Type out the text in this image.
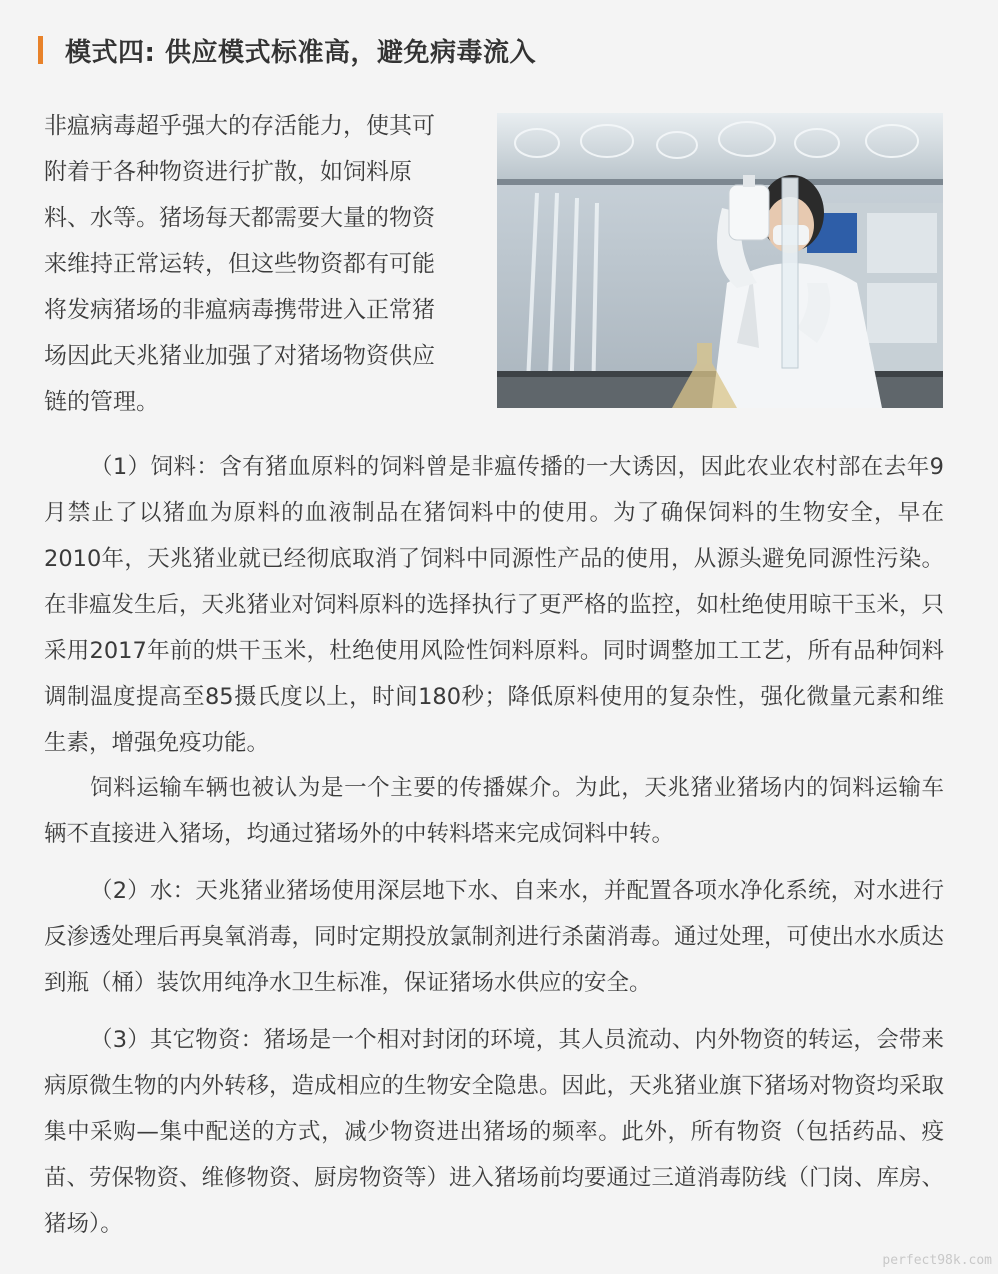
模式四: 供应模式标准高，避免病毒流入

非瘟病毒超乎强大的存活能力，使其可附着于各种物资进行扩散，如饲料原料、水等。猪场每天都需要大量的物资来维持正常运转，但这些物资都有可能将发病猪场的非瘟病毒携带进入正常猪场因此天兆猪业加强了对猪场物资供应链的管理。

（1）饲料：含有猪血原料的饲料曾是非瘟传播的一大诱因，因此农业农村部在去年9月禁止了以猪血为原料的血液制品在猪饲料中的使用。为了确保饲料的生物安全，早在2010年，天兆猪业就已经彻底取消了饲料中同源性产品的使用，从源头避免同源性污染。在非瘟发生后，天兆猪业对饲料原料的选择执行了更严格的监控，如杜绝使用晾干玉米，只采用2017年前的烘干玉米，杜绝使用风险性饲料原料。同时调整加工工艺，所有品种饲料调制温度提高至85摄氏度以上，时间180秒；降低原料使用的复杂性，强化微量元素和维生素，增强免疫功能。

饲料运输车辆也被认为是一个主要的传播媒介。为此，天兆猪业猪场内的饲料运输车辆不直接进入猪场，均通过猪场外的中转料塔来完成饲料中转。

（2）水：天兆猪业猪场使用深层地下水、自来水，并配置各项水净化系统，对水进行反渗透处理后再臭氧消毒，同时定期投放氯制剂进行杀菌消毒。通过处理，可使出水水质达到瓶（桶）装饮用纯净水卫生标准，保证猪场水供应的安全。

（3）其它物资：猪场是一个相对封闭的环境，其人员流动、内外物资的转运，会带来病原微生物的内外转移，造成相应的生物安全隐患。因此，天兆猪业旗下猪场对物资均采取集中采购—集中配送的方式，减少物资进出猪场的频率。此外，所有物资（包括药品、疫苗、劳保物资、维修物资、厨房物资等）进入猪场前均要通过三道消毒防线（门岗、库房、猪场）。

perfect98k.com
